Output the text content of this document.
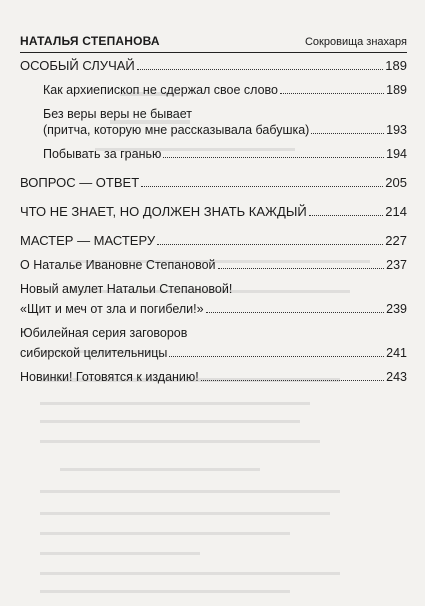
НАТАЛЬЯ СТЕПАНОВА	Сокровища знахаря
ОСОБЫЙ СЛУЧАЙ	189
Как архиепископ не сдержал свое слово	189
Без веры веры не бывает
(притча, которую мне рассказывала бабушка)	193
Побывать за гранью	194
ВОПРОС — ОТВЕТ	205
ЧТО НЕ ЗНАЕТ, НО ДОЛЖЕН ЗНАТЬ КАЖДЫЙ	214
МАСТЕР — МАСТЕРУ	227
О Наталье Ивановне Степановой	237
Новый амулет Натальи Степановой!
«Щит и меч от зла и погибели!»	239
Юбилейная серия заговоров
сибирской целительницы	241
Новинки! Готовятся к изданию!	243
